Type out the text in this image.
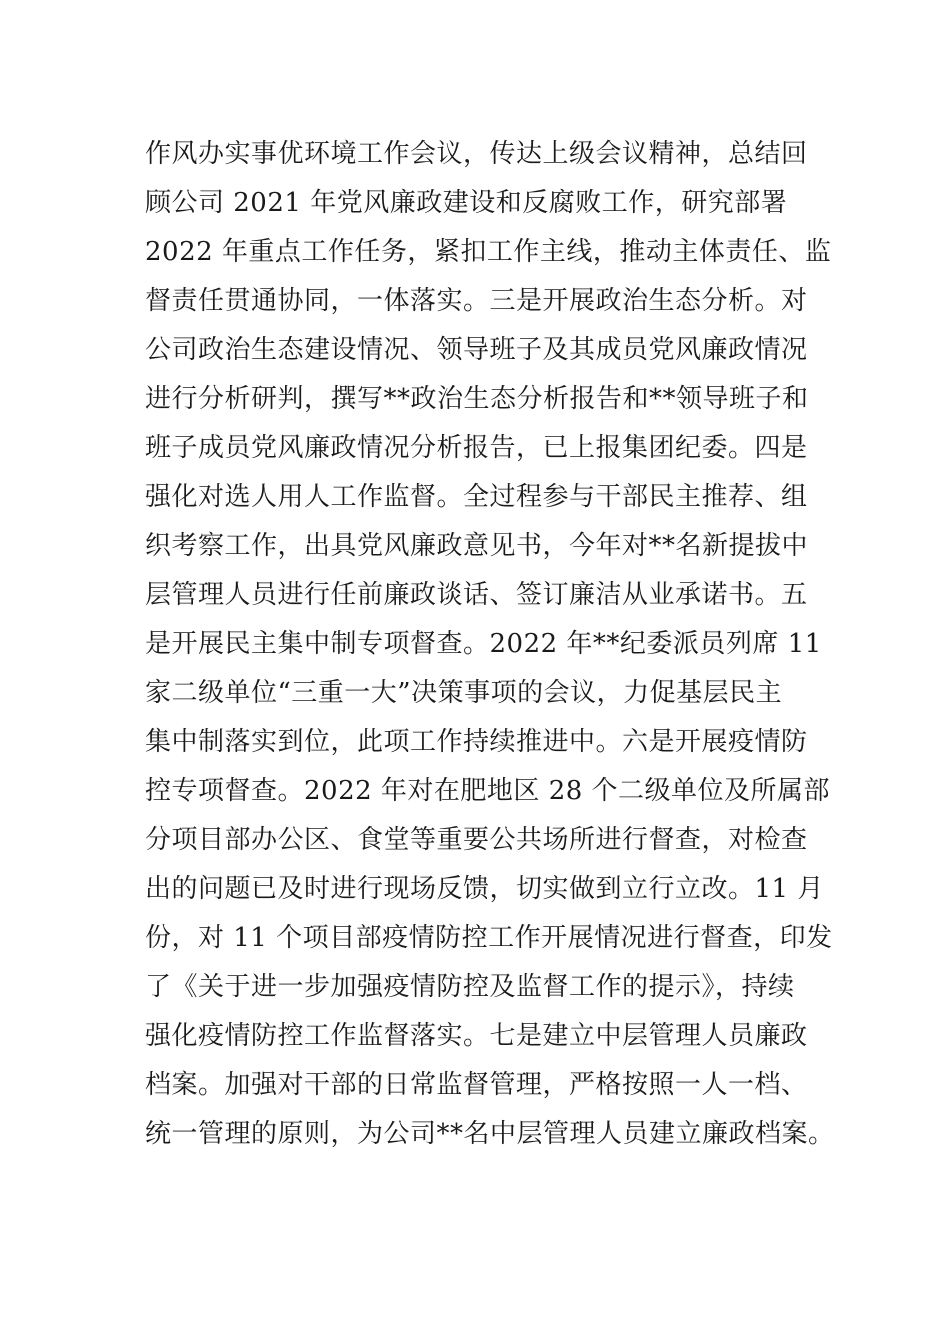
作风办实事优环境工作会议，传达上级会议精神，总结回
顾公司 2021 年党风廉政建设和反腐败工作，研究部署
2022 年重点工作任务，紧扣工作主线，推动主体责任、监
督责任贯通协同，一体落实。三是开展政治生态分析。对
公司政治生态建设情况、领导班子及其成员党风廉政情况
进行分析研判，撰写**政治生态分析报告和**领导班子和
班子成员党风廉政情况分析报告，已上报集团纪委。四是
强化对选人用人工作监督。全过程参与干部民主推荐、组
织考察工作，出具党风廉政意见书，今年对**名新提拔中
层管理人员进行任前廉政谈话、签订廉洁从业承诺书。五
是开展民主集中制专项督查。2022 年**纪委派员列席 11
家二级单位“三重一大”决策事项的会议，力促基层民主
集中制落实到位，此项工作持续推进中。六是开展疫情防
控专项督查。2022 年对在肥地区 28 个二级单位及所属部
分项目部办公区、食堂等重要公共场所进行督查，对检查
出的问题已及时进行现场反馈，切实做到立行立改。11 月
份，对 11 个项目部疫情防控工作开展情况进行督查，印发
了《关于进一步加强疫情防控及监督工作的提示》，持续
强化疫情防控工作监督落实。七是建立中层管理人员廉政
档案。加强对干部的日常监督管理，严格按照一人一档、
统一管理的原则，为公司**名中层管理人员建立廉政档案。
